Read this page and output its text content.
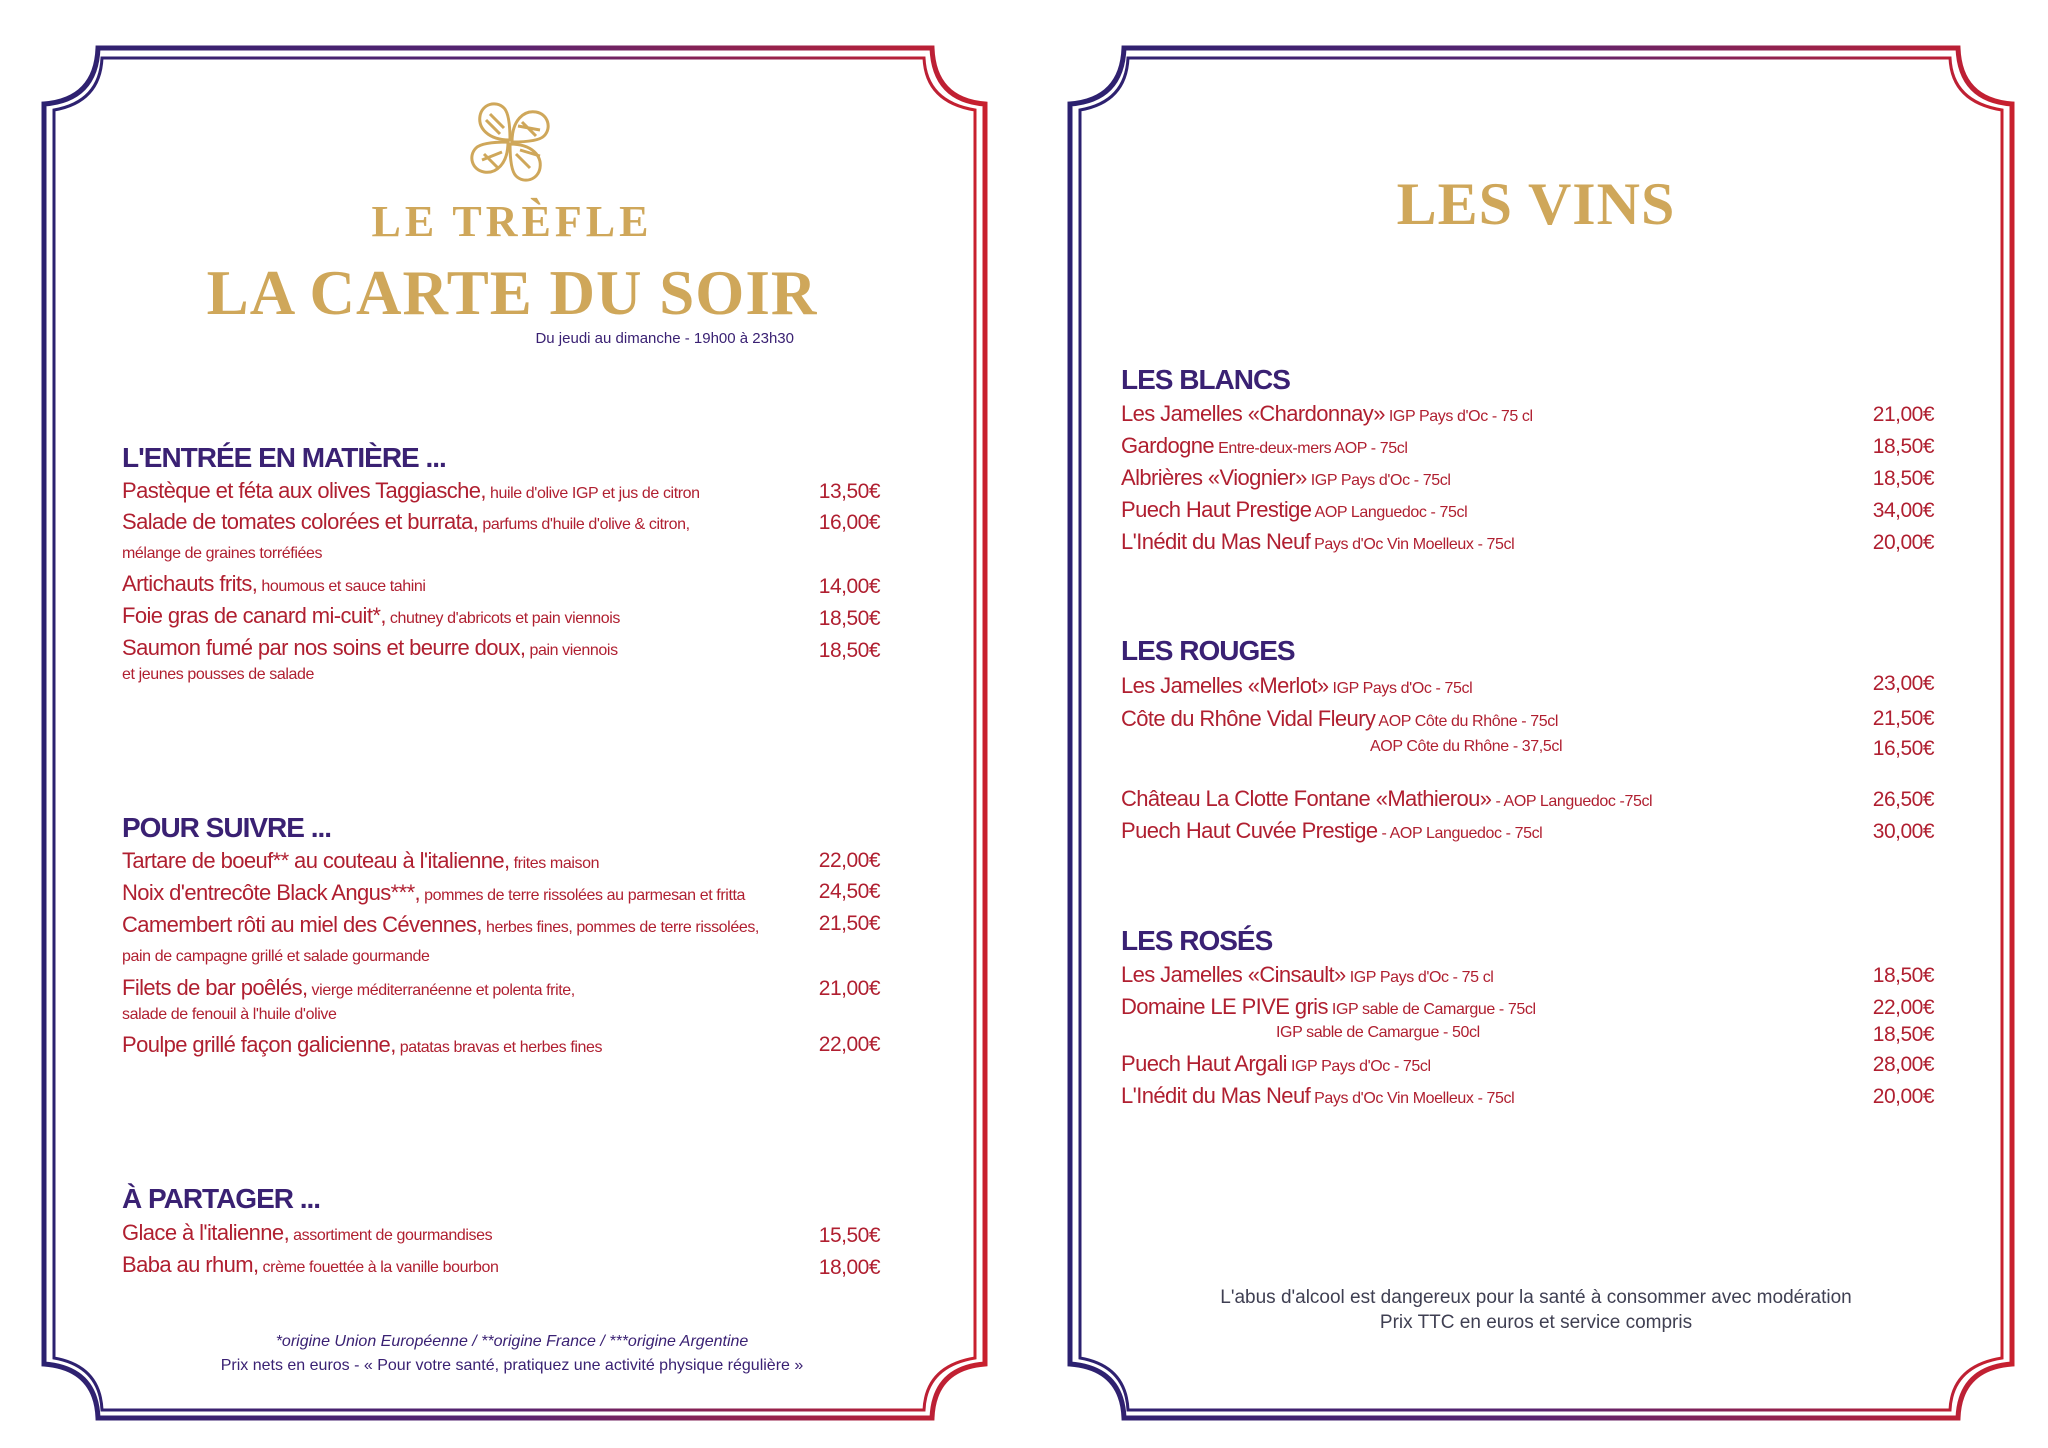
LE TRÈFLE
LA CARTE DU SOIR
Du jeudi au dimanche - 19h00 à 23h30
L'ENTRÉE EN MATIÈRE ...
Pastèque et féta aux olives Taggiasche, huile d'olive IGP et jus de citron	13,50€
Salade de tomates colorées et burrata, parfums d'huile d'olive & citron,
mélange de graines torréfiées
16,00€
Artichauts frits, houmous et sauce tahini	14,00€
Foie gras de canard mi-cuit*, chutney d'abricots et pain viennois	18,50€
Saumon fumé par nos soins et beurre doux, pain viennois
et jeunes pousses de salade
18,50€
POUR SUIVRE ...
Tartare de boeuf** au couteau à l'italienne, frites maison	22,00€
Noix d'entrecôte Black Angus***, pommes de terre rissolées au parmesan et fritta	24,50€
Camembert rôti au miel des Cévennes, herbes fines, pommes de terre rissolées,
pain de campagne grillé et salade gourmande
21,50€
Filets de bar poêlés, vierge méditerranéenne et polenta frite,
salade de fenouil à l'huile d'olive
21,00€
Poulpe grillé façon galicienne, patatas bravas et herbes fines	22,00€
À PARTAGER ...
Glace à l'italienne, assortiment de gourmandises	15,50€
Baba au rhum, crème fouettée à la vanille bourbon	18,00€
*origine Union Européenne / **origine France / ***origine Argentine
Prix nets en euros - « Pour votre santé, pratiquez une activité physique régulière »
LES VINS
LES BLANCS
Les Jamelles «Chardonnay» IGP Pays d'Oc - 75 cl	21,00€
Gardogne Entre-deux-mers AOP - 75cl	18,50€
Albrières «Viognier» IGP Pays d'Oc - 75cl	18,50€
Puech Haut Prestige AOP Languedoc - 75cl	34,00€
L'Inédit du Mas Neuf Pays d'Oc Vin Moelleux - 75cl	20,00€
LES ROUGES
Les Jamelles «Merlot» IGP Pays d'Oc - 75cl	23,00€
Côte du Rhône Vidal Fleury AOP Côte du Rhône - 75cl	21,50€
AOP Côte du Rhône - 37,5cl	16,50€
Château La Clotte Fontane «Mathierou» - AOP Languedoc -75cl	26,50€
Puech Haut Cuvée Prestige - AOP Languedoc - 75cl	30,00€
LES ROSÉS
Les Jamelles «Cinsault» IGP Pays d'Oc - 75 cl	18,50€
Domaine LE PIVE gris IGP sable de Camargue - 75cl	22,00€
IGP sable de Camargue - 50cl	18,50€
Puech Haut Argali IGP Pays d'Oc - 75cl	28,00€
L'Inédit du Mas Neuf Pays d'Oc Vin Moelleux - 75cl	20,00€
L'abus d'alcool est dangereux pour la santé à consommer avec modération
Prix TTC en euros et service compris
